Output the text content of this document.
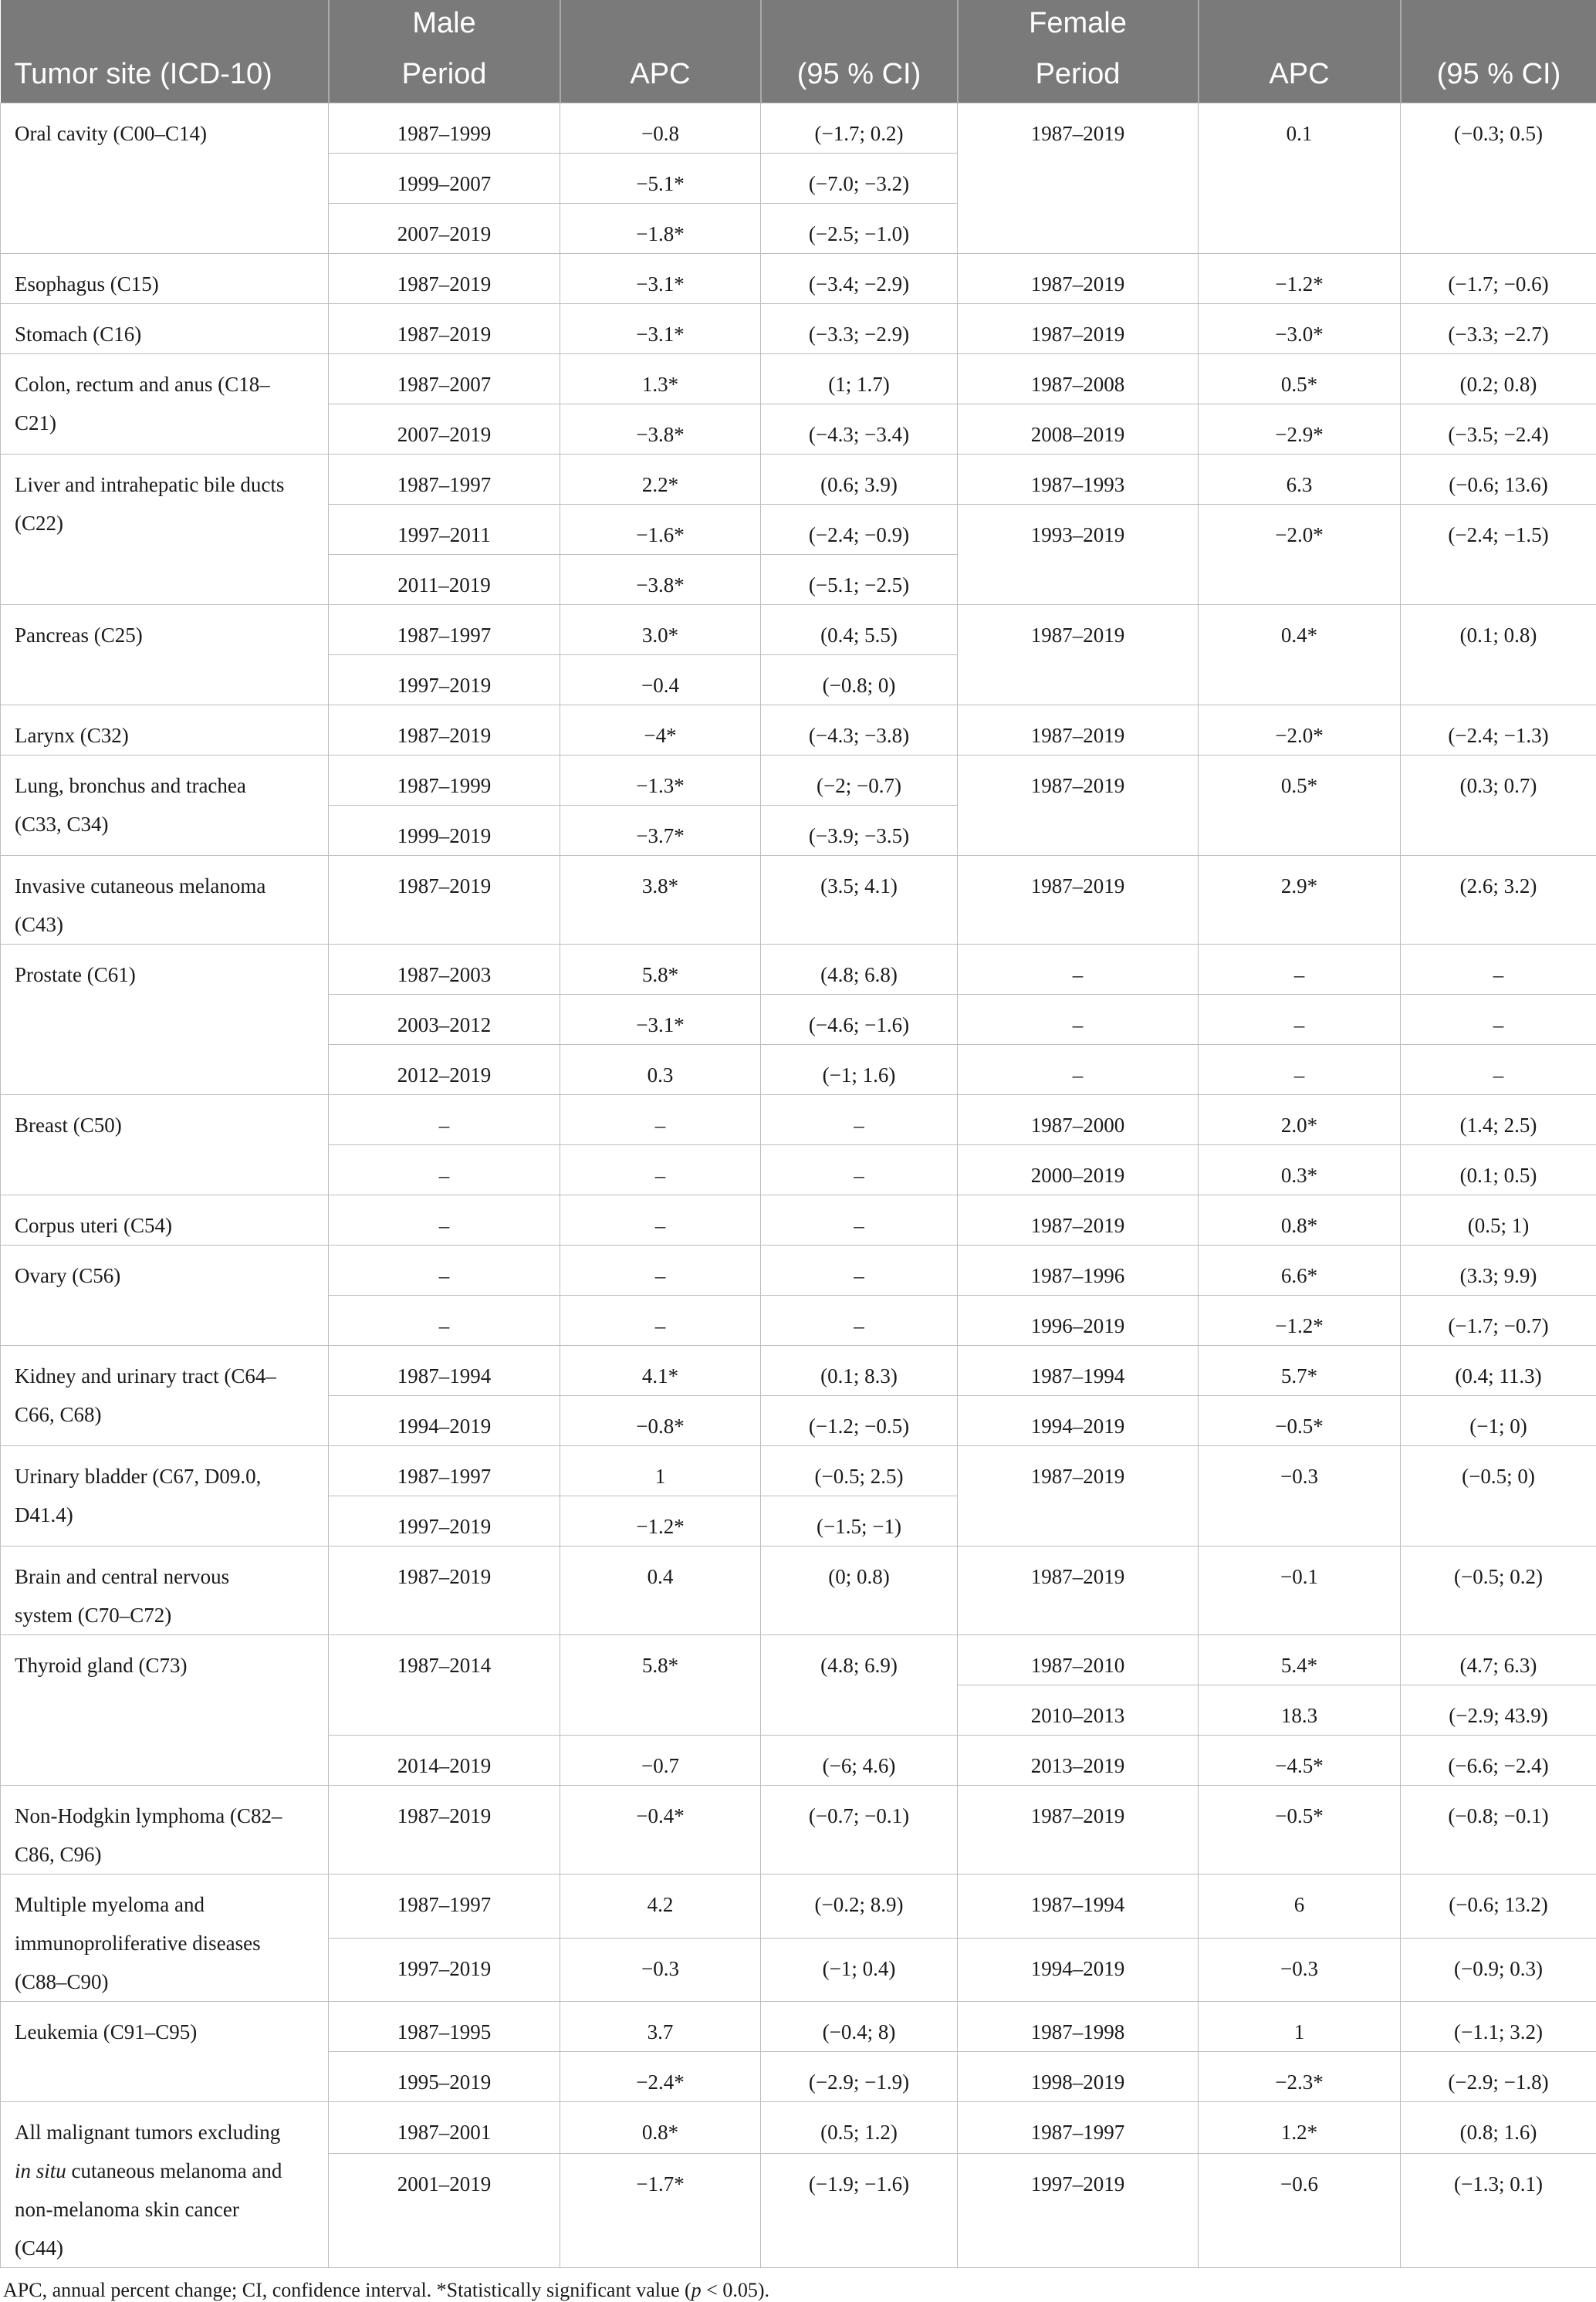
	Male			Female		
Tumor site (ICD-10)	Period	APC	(95 % CI)	Period	APC	(95 % CI)
Oral cavity (C00–C14)	1987–1999	−0.8	(−1.7; 0.2)	1987–2019	0.1	(−0.3; 0.5)
	1999–2007	−5.1*	(−7.0; −3.2)			
	2007–2019	−1.8*	(−2.5; −1.0)			
Esophagus (C15)	1987–2019	−3.1*	(−3.4; −2.9)	1987–2019	−1.2*	(−1.7; −0.6)
Stomach (C16)	1987–2019	−3.1*	(−3.3; −2.9)	1987–2019	−3.0*	(−3.3; −2.7)
Colon, rectum and anus (C18–
C21)	1987–2007	1.3*	(1; 1.7)	1987–2008	0.5*	(0.2; 0.8)
	2007–2019	−3.8*	(−4.3; −3.4)	2008–2019	−2.9*	(−3.5; −2.4)
Liver and intrahepatic bile ducts
(C22)	1987–1997	2.2*	(0.6; 3.9)	1987–1993	6.3	(−0.6; 13.6)
	1997–2011	−1.6*	(−2.4; −0.9)	1993–2019	−2.0*	(−2.4; −1.5)
	2011–2019	−3.8*	(−5.1; −2.5)			
Pancreas (C25)	1987–1997	3.0*	(0.4; 5.5)	1987–2019	0.4*	(0.1; 0.8)
	1997–2019	−0.4	(−0.8; 0)			
Larynx (C32)	1987–2019	−4*	(−4.3; −3.8)	1987–2019	−2.0*	(−2.4; −1.3)
Lung, bronchus and trachea
(C33, C34)	1987–1999	−1.3*	(−2; −0.7)	1987–2019	0.5*	(0.3; 0.7)
	1999–2019	−3.7*	(−3.9; −3.5)			
Invasive cutaneous melanoma
(C43)	1987–2019	3.8*	(3.5; 4.1)	1987–2019	2.9*	(2.6; 3.2)
Prostate (C61)	1987–2003	5.8*	(4.8; 6.8)	–	–	–
	2003–2012	−3.1*	(−4.6; −1.6)	–	–	–
	2012–2019	0.3	(−1; 1.6)	–	–	–
Breast (C50)	–	–	–	1987–2000	2.0*	(1.4; 2.5)
	–	–	–	2000–2019	0.3*	(0.1; 0.5)
Corpus uteri (C54)	–	–	–	1987–2019	0.8*	(0.5; 1)
Ovary (C56)	–	–	–	1987–1996	6.6*	(3.3; 9.9)
	–	–	–	1996–2019	−1.2*	(−1.7; −0.7)
Kidney and urinary tract (C64–
C66, C68)	1987–1994	4.1*	(0.1; 8.3)	1987–1994	5.7*	(0.4; 11.3)
	1994–2019	−0.8*	(−1.2; −0.5)	1994–2019	−0.5*	(−1; 0)
Urinary bladder (C67, D09.0,
D41.4)	1987–1997	1	(−0.5; 2.5)	1987–2019	−0.3	(−0.5; 0)
	1997–2019	−1.2*	(−1.5; −1)			
Brain and central nervous
system (C70–C72)	1987–2019	0.4	(0; 0.8)	1987–2019	−0.1	(−0.5; 0.2)
Thyroid gland (C73)	1987–2014	5.8*	(4.8; 6.9)	1987–2010	5.4*	(4.7; 6.3)
				2010–2013	18.3	(−2.9; 43.9)
	2014–2019	−0.7	(−6; 4.6)	2013–2019	−4.5*	(−6.6; −2.4)
Non-Hodgkin lymphoma (C82–
C86, C96)	1987–2019	−0.4*	(−0.7; −0.1)	1987–2019	−0.5*	(−0.8; −0.1)
Multiple myeloma and
immunoproliferative diseases
(C88–C90)	1987–1997	4.2	(−0.2; 8.9)	1987–1994	6	(−0.6; 13.2)
	1997–2019	−0.3	(−1; 0.4)	1994–2019	−0.3	(−0.9; 0.3)
Leukemia (C91–C95)	1987–1995	3.7	(−0.4; 8)	1987–1998	1	(−1.1; 3.2)
	1995–2019	−2.4*	(−2.9; −1.9)	1998–2019	−2.3*	(−2.9; −1.8)
All malignant tumors excluding
in situ cutaneous melanoma and
non-melanoma skin cancer
(C44)	1987–2001	0.8*	(0.5; 1.2)	1987–1997	1.2*	(0.8; 1.6)
	2001–2019	−1.7*	(−1.9; −1.6)	1997–2019	−0.6	(−1.3; 0.1)
APC, annual percent change; CI, confidence interval. *Statistically significant value (p < 0.05).
